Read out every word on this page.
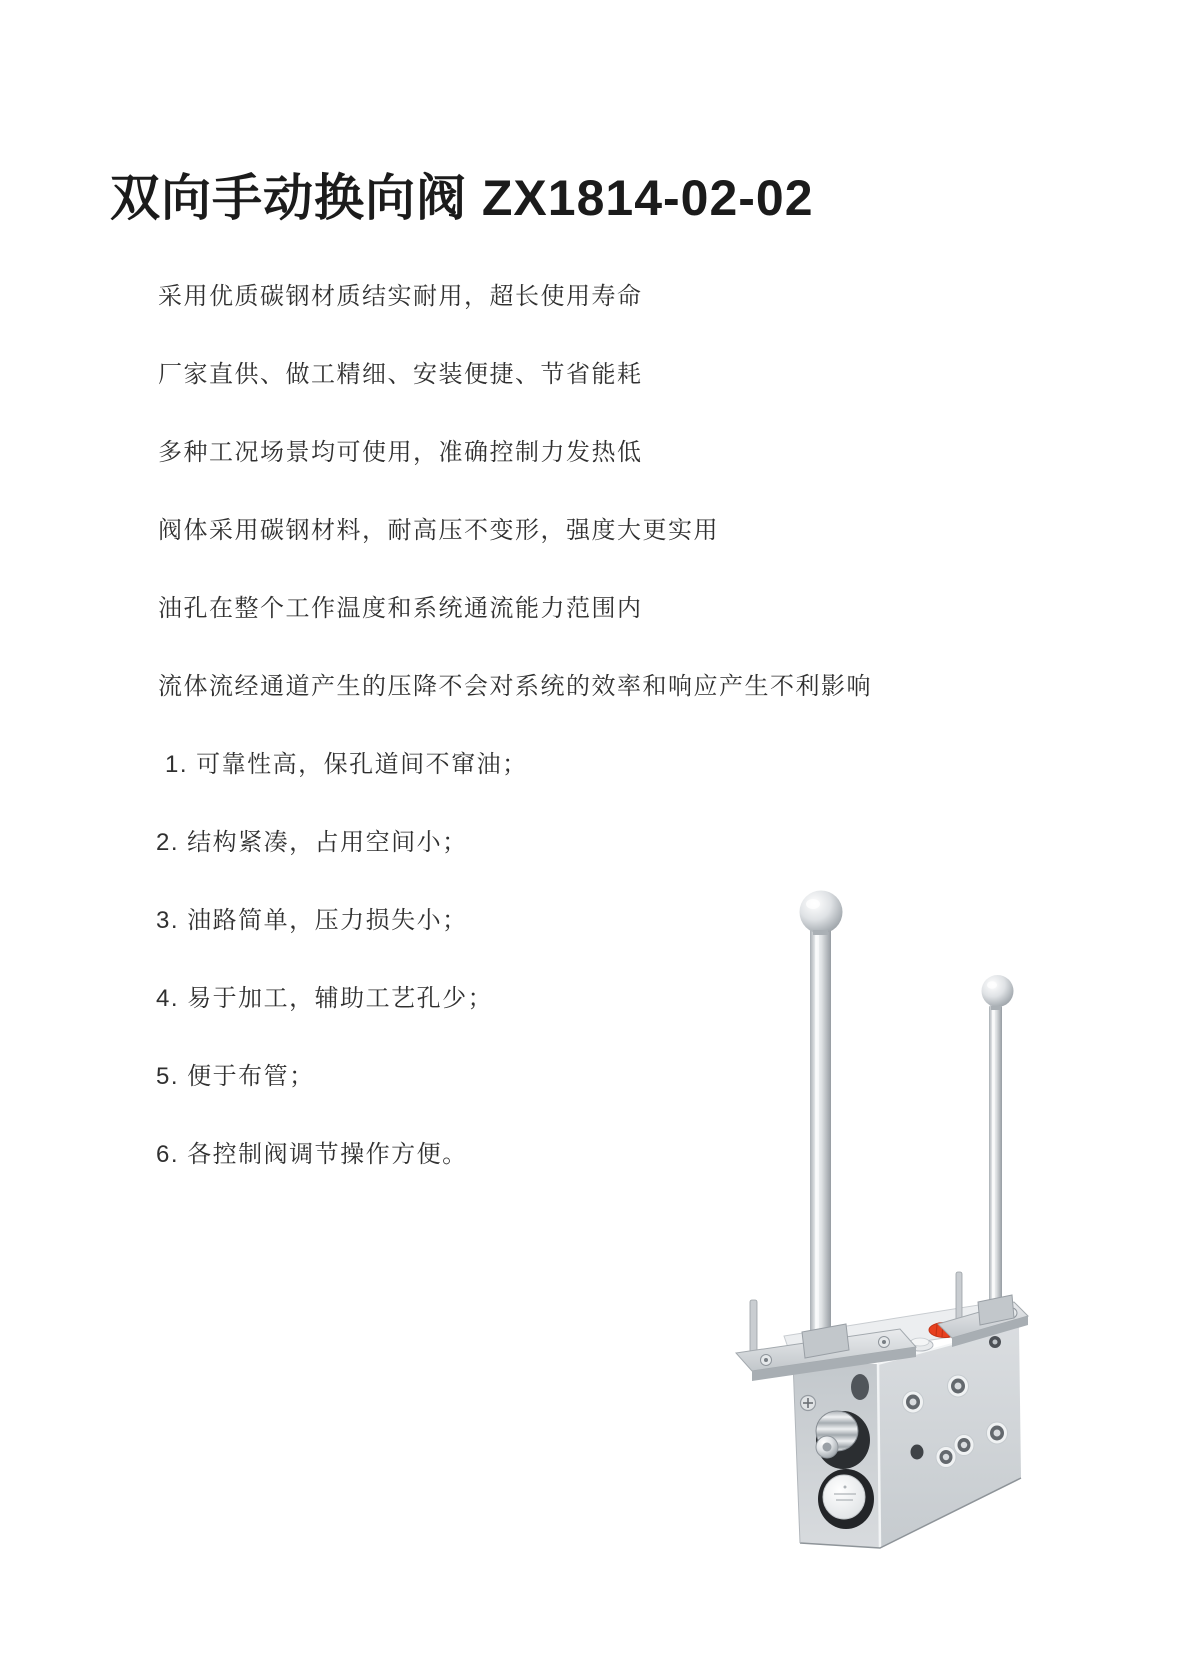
双向手动换向阀 ZX1814-02-02

采用优质碳钢材质结实耐用，超长使用寿命

厂家直供、做工精细、安装便捷、节省能耗

多种工况场景均可使用，准确控制力发热低

阀体采用碳钢材料，耐高压不变形，强度大更实用

油孔在整个工作温度和系统通流能力范围内

流体流经通道产生的压降不会对系统的效率和响应产生不利影响

1. 可靠性高，保孔道间不窜油；

2. 结构紧凑，占用空间小；

3. 油路简单，压力损失小；

4. 易于加工，辅助工艺孔少；

5. 便于布管；

6. 各控制阀调节操作方便。
